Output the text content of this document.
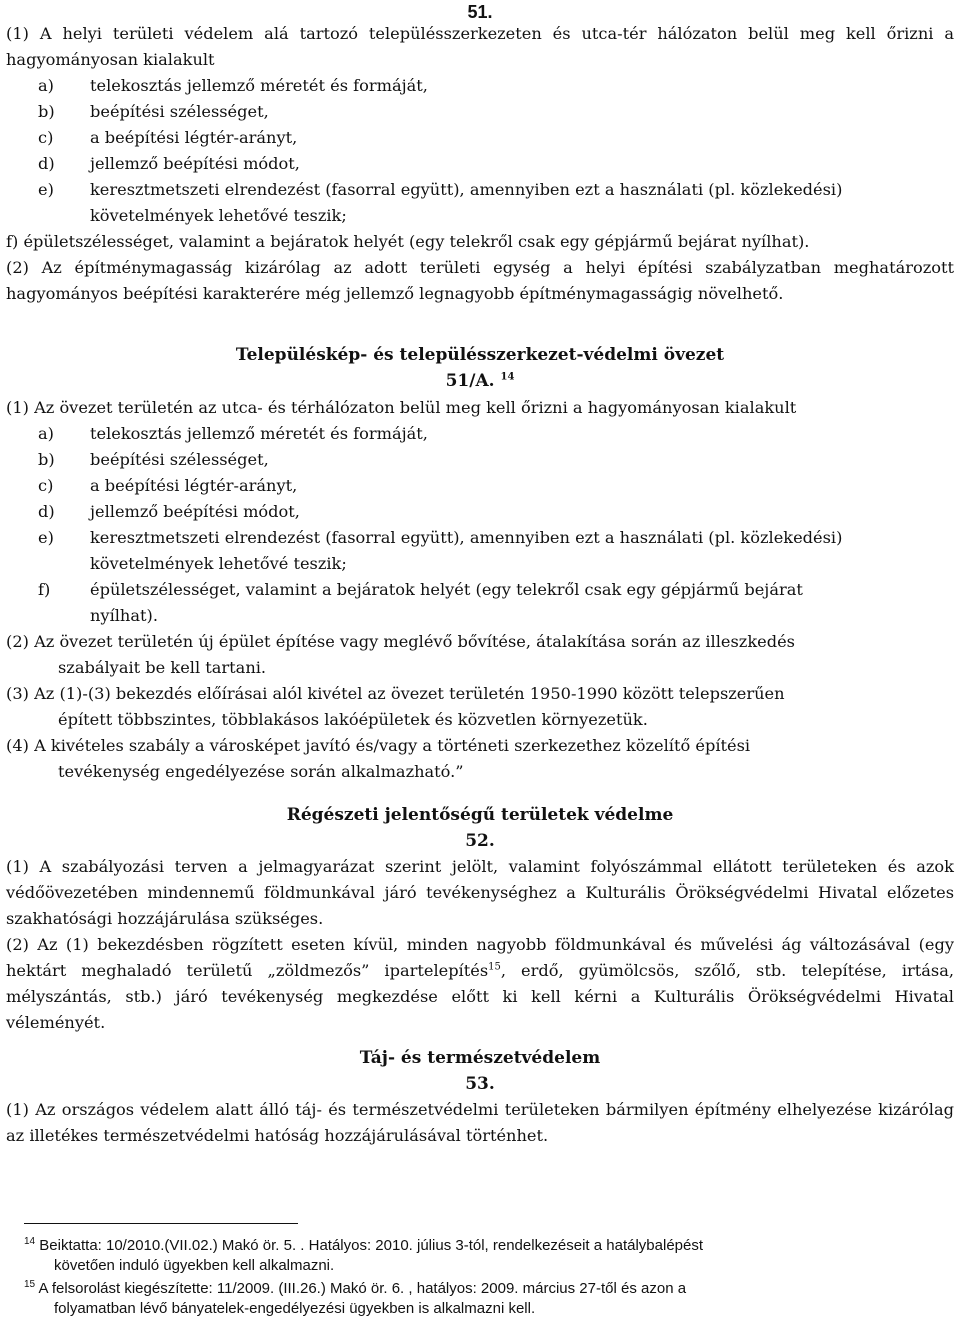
51.

(1) A helyi területi védelem alá tartozó településszerkezeten és utca-tér hálózaton belül meg kell őrizni a hagyományosan kialakult

a) telekosztás jellemző méretét és formáját,
b) beépítési szélességet,
c) a beépítési légtér-arányt,
d) jellemző beépítési módot,
e) keresztmetszeti elrendezést (fasorral együtt), amennyiben ezt a használati (pl. közlekedési)
követelmények lehetővé teszik;
f) épületszélességet, valamint a bejáratok helyét (egy telekről csak egy gépjármű bejárat nyílhat).

(2) Az építménymagasság kizárólag az adott területi egység a helyi építési szabályzatban meghatározott hagyományos beépítési karakterére még jellemző legnagyobb építménymagasságig növelhető.

Településkép- és településszerkezet-védelmi övezet
51/A. $^{14}$

(1) Az övezet területén az utca- és térhálózaton belül meg kell őrizni a hagyományosan kialakult

a) telekosztás jellemző méretét és formáját,
b) beépítési szélességet,
c) a beépítési légtér-arányt,
d) jellemző beépítési módot,
e) keresztmetszeti elrendezést (fasorral együtt), amennyiben ezt a használati (pl. közlekedési)
követelmények lehetővé teszik;
f) épületszélességet, valamint a bejáratok helyét (egy telekről csak egy gépjármű bejárat
nyílhat).
(2) Az övezet területén új épület építése vagy meglévő bővítése, átalakítása során az illeszkedés
szabályait be kell tartani.
(3) Az (1)-(3) bekezdés előírásai alól kivétel az övezet területén 1950-1990 között telepszerűen
épített többszintes, többlakásos lakóépületek és közvetlen környezetük.
(4) A kivételes szabály a városképet javító és/vagy a történeti szerkezethez közelítő építési
tevékenység engedélyezése során alkalmazható.”
Régészeti jelentőségű területek védelme
52.

(1) A szabályozási terven a jelmagyarázat szerint jelölt, valamint folyószámmal ellátott területeken és azok védőövezetében mindennemű földmunkával járó tevékenységhez a Kulturális Örökségvédelmi Hivatal előzetes szakhatósági hozzájárulása szükséges.

(2) Az (1) bekezdésben rögzített eseten kívül, minden nagyobb földmunkával és művelési ág változásával (egy hektárt meghaladó területű „zöldmezős” ipartelepítés$^{15}$, erdő, gyümölcsös, szőlő, stb. telepítése, irtása, mélyszántás, stb.) járó tevékenység megkezdése előtt ki kell kérni a Kulturális Örökségvédelmi Hivatal véleményét.

Táj- és természetvédelem
53.

(1) Az országos védelem alatt álló táj- és természetvédelmi területeken bármilyen építmény elhelyezése kizárólag az illetékes természetvédelmi hatóság hozzájárulásával történhet.

$^{14}$ Beiktatta: 10/2010.(VII.02.) Makó ör. 5. . Hatályos: 2010. július 3-tól, rendelkezéseit a hatálybalépést
követően induló ügyekben kell alkalmazni.
$^{15}$ A felsorolást kiegészítette: 11/2009. (III.26.) Makó ör. 6. , hatályos: 2009. március 27-től és azon a
folyamatban lévő bányatelek-engedélyezési ügyekben is alkalmazni kell.
